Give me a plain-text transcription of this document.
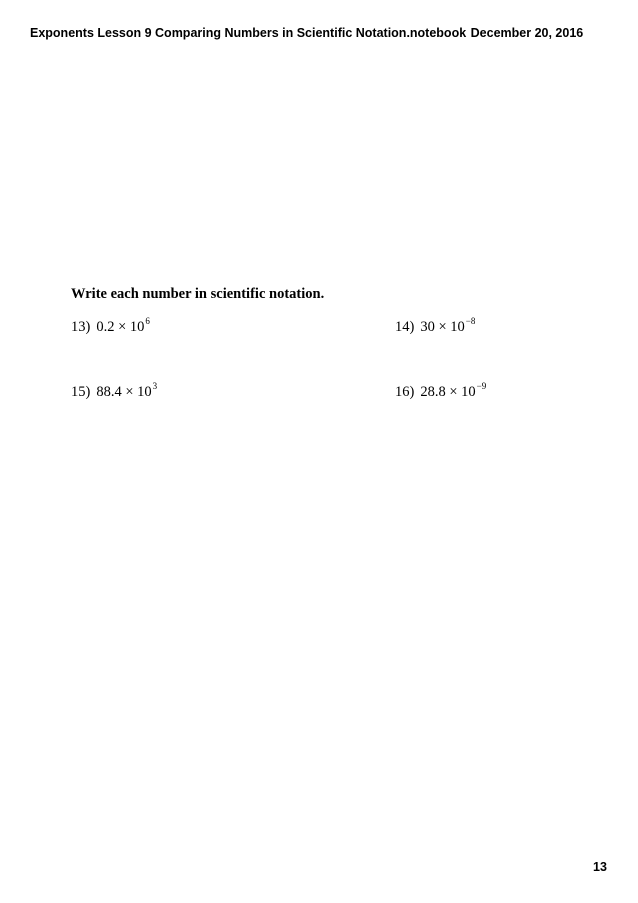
Exponents Lesson 9 Comparing Numbers in Scientific Notation.notebook December 20, 2016
Write each number in scientific notation.
13) $0.2 \times 10^6$	14) $30 \times 10^{-8}$
15) $88.4 \times 10^3$	16) $28.8 \times 10^{-9}$
13
